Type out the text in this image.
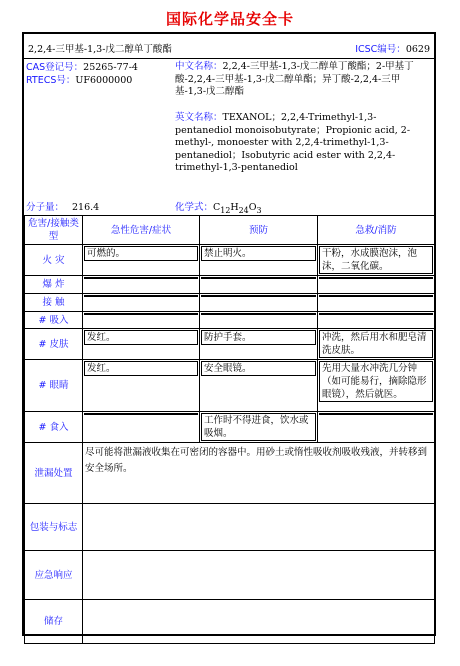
国际化学品安全卡
2,2,4-三甲基-1,3-戊二醇单丁酸酯	ICSC编号：0629
CAS登记号：25265-77-4
RTECS号：UF6000000
中文名称：2,2,4-三甲基-1,3-戊二醇单丁酸酯；2-甲基丁酸-2,2,4-三甲基-1,3-戊二醇单酯；异丁酸-2,2,4-三甲基-1,3-戊二醇酯
英文名称：TEXANOL；2,2,4-Trimethyl-1,3-pentanediol monoisobutyrate；Propionic acid, 2-methyl-, monoester with 2,2,4-trimethyl-1,3-pentanediol；Isobutyric acid ester with 2,2,4-trimethyl-1,3-pentanediol
分子量： 216.4	化学式：$C_{12}H_{24}O_3$
危害/接触类型	急性危害/症状	预防	急救/消防
火 灾	可燃的。	禁止明火。	干粉，水成膜泡沫，泡沫，二氧化碳。

爆 炸	

接 触	

# 吸入	

# 皮肤	发红。	防护手套。	冲洗，然后用水和肥皂清洗皮肤。

# 眼睛	发红。	安全眼镜。	先用大量水冲洗几分钟（如可能易行，摘除隐形眼镜），然后就医。

# 食入		工作时不得进食，饮水或吸烟。	

泄漏处置	尽可能将泄漏液收集在可密闭的容器中。用砂土或惰性吸收剂吸收残液，并转移到安全场所。		
包装与标志			
应急响应			
储存			
